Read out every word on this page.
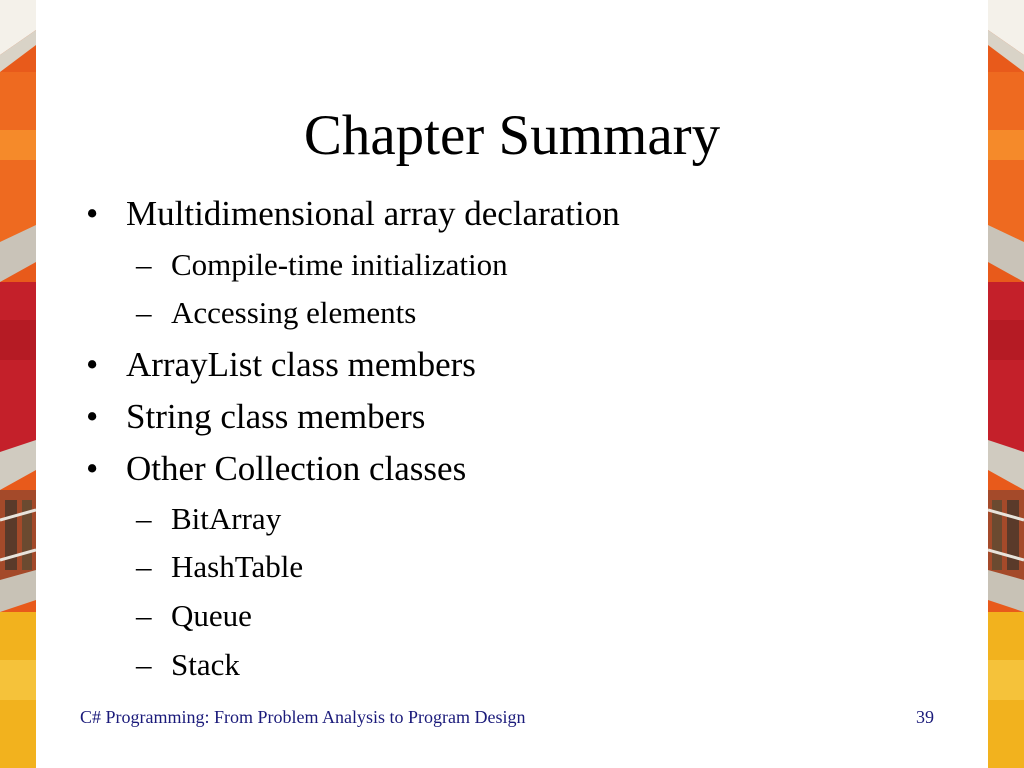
Chapter Summary
• Multidimensional array declaration
– Compile-time initialization
– Accessing elements
• ArrayList class members
• String class members
• Other Collection classes
– BitArray
– HashTable
– Queue
– Stack
C# Programming: From Problem Analysis to Program Design	39
